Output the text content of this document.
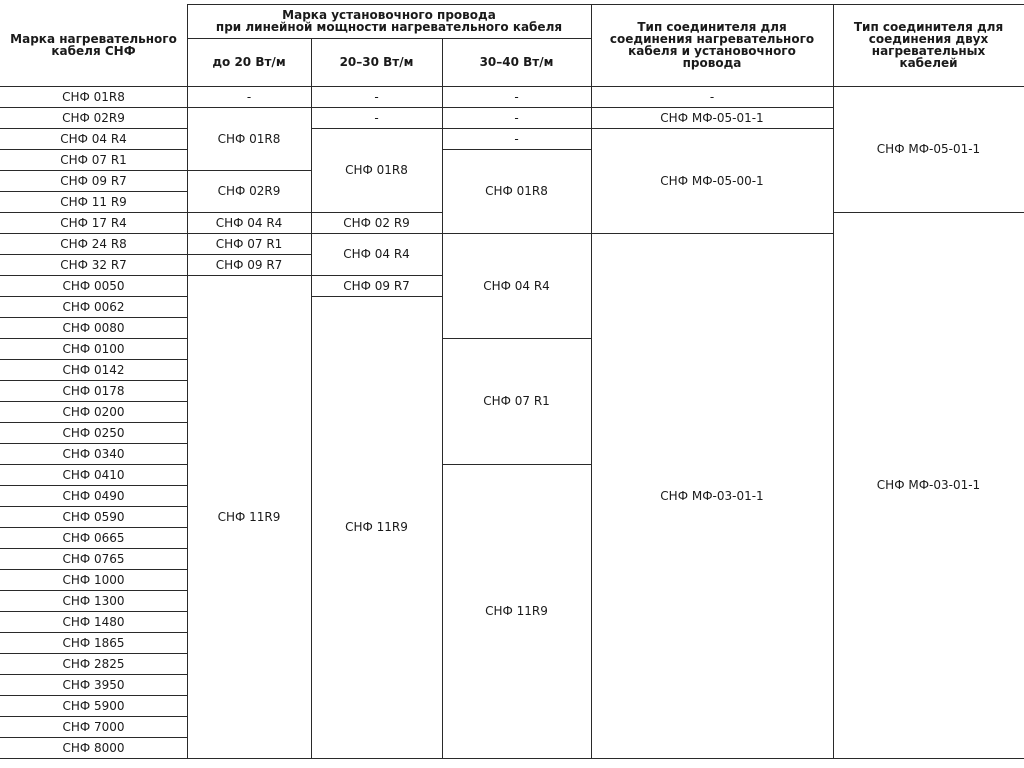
Марка нагревательного кабеля СНФ
Марка установочного провода
при линейной мощности нагревательного кабеля
до 20 Вт/м	20–30 Вт/м	30–40 Вт/м
Тип соединителя для соединения нагревательного кабеля и установочного провода
Тип соединителя для соединения двух нагревательных кабелей
СНФ 01R8
СНФ 02R9
СНФ 04 R4
СНФ 07 R1
СНФ 09 R7
СНФ 11 R9
СНФ 17 R4
СНФ 24 R8
СНФ 32 R7
СНФ 0050
СНФ 0062
СНФ 0080
СНФ 0100
СНФ 0142
СНФ 0178
СНФ 0200
СНФ 0250
СНФ 0340
СНФ 0410
СНФ 0490
СНФ 0590
СНФ 0665
СНФ 0765
СНФ 1000
СНФ 1300
СНФ 1480
СНФ 1865
СНФ 2825
СНФ 3950
СНФ 5900
СНФ 7000
СНФ 8000
-
СНФ 01R8
СНФ 02R9
СНФ 04 R4
СНФ 07 R1
СНФ 09 R7
СНФ 11R9
-
-
СНФ 01R8
СНФ 02 R9
СНФ 04 R4
СНФ 09 R7
СНФ 11R9
-
-
-
СНФ 01R8
СНФ 04 R4
СНФ 07 R1
СНФ 11R9
-
СНФ МФ-05-01-1
СНФ МФ-05-00-1
СНФ МФ-03-01-1
СНФ МФ-05-01-1
СНФ МФ-03-01-1
